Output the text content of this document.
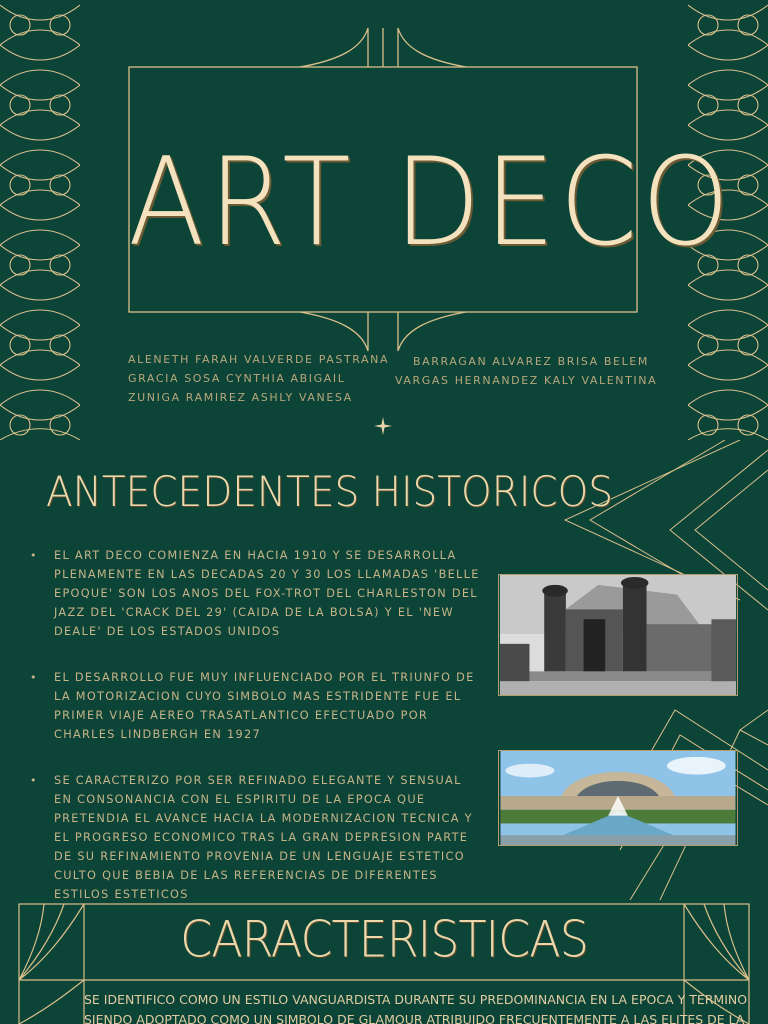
ART DECO
ALENETH FARAH VALVERDE PASTRANA
GRACIA SOSA CYNTHIA ABIGAIL
ZUNIGA RAMIREZ ASHLY VANESA
BARRAGAN ALVAREZ BRISA BELEM
VARGAS HERNANDEZ KALY VALENTINA
ANTECEDENTES HISTORICOS
• EL ART DECO COMIENZA EN HACIA 1910 Y SE DESARROLLA PLENAMENTE EN LAS DECADAS 20 Y 30 LOS LLAMADAS 'BELLE EPOQUE' SON LOS ANOS DEL FOX-TROT DEL CHARLESTON DEL JAZZ DEL 'CRACK DEL 29' (CAIDA DE LA BOLSA) Y EL 'NEW DEALE' DE LOS ESTADOS UNIDOS
• EL DESARROLLO FUE MUY INFLUENCIADO POR EL TRIUNFO DE LA MOTORIZACION CUYO SIMBOLO MAS ESTRIDENTE FUE EL PRIMER VIAJE AEREO TRASATLANTICO EFECTUADO POR CHARLES LINDBERGH EN 1927
• SE CARACTERIZO POR SER REFINADO ELEGANTE Y SENSUAL EN CONSONANCIA CON EL ESPIRITU DE LA EPOCA QUE PRETENDIA EL AVANCE HACIA LA MODERNIZACION TECNICA Y EL PROGRESO ECONOMICO TRAS LA GRAN DEPRESION PARTE DE SU REFINAMIENTO PROVENIA DE UN LENGUAJE ESTETICO CULTO QUE BEBIA DE LAS REFERENCIAS DE DIFERENTES ESTILOS ESTETICOS
CARACTERISTICAS
SE IDENTIFICO COMO UN ESTILO VANGUARDISTA DURANTE SU PREDOMINANCIA EN LA EPOCA Y TERMINO
SIENDO ADOPTADO COMO UN SIMBOLO DE GLAMOUR ATRIBUIDO FRECUENTEMENTE A LAS ELITES DE LA
